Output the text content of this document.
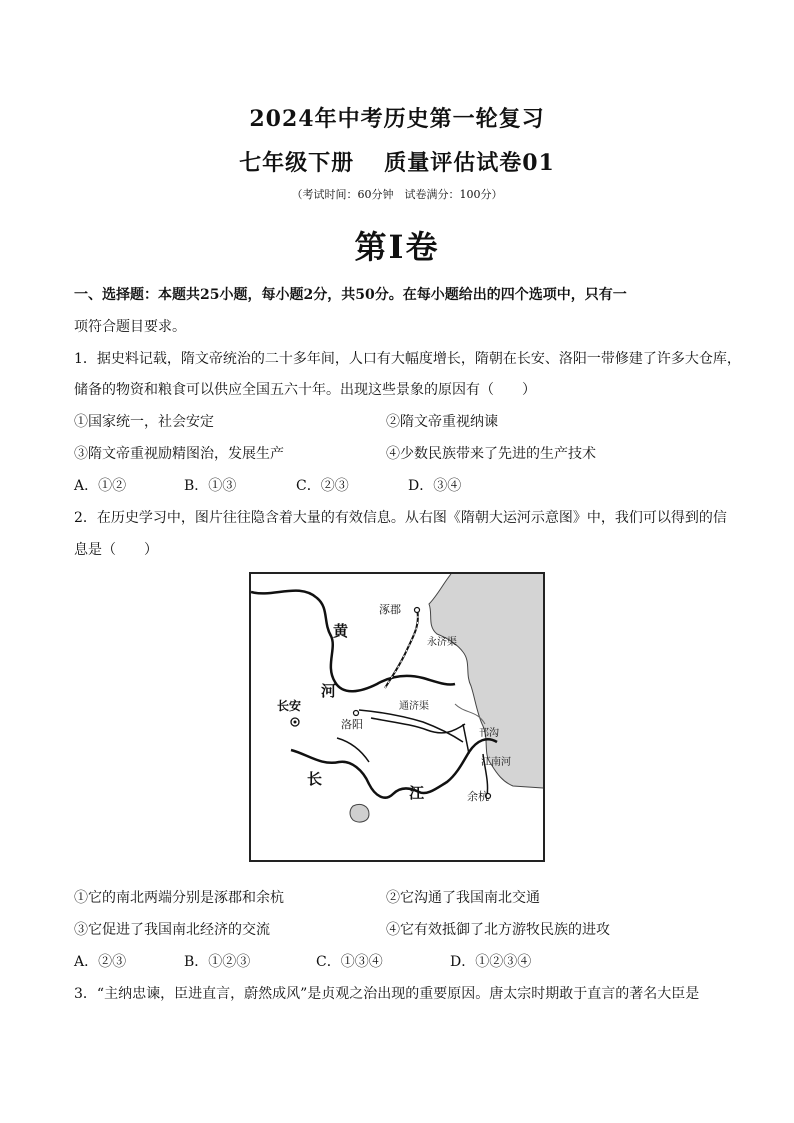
2024年中考历史第一轮复习
七年级下册 质量评估试卷01
（考试时间：60分钟　试卷满分：100分）
第Ⅰ卷
一、选择题：本题共25小题，每小题2分，共50分。在每小题给出的四个选项中，只有一
项符合题目要求。
1．据史料记载，隋文帝统治的二十多年间，人口有大幅度增长，隋朝在长安、洛阳一带修建了许多大仓库，
储备的物资和粮食可以供应全国五六十年。出现这些景象的原因有（　　）
①国家统一，社会安定	②隋文帝重视纳谏
③隋文帝重视励精图治，发展生产	④少数民族带来了先进的生产技术
A．①②	B．①③	C．②③	D．③④
2．在历史学习中，图片往往隐含着大量的有效信息。从右图《隋朝大运河示意图》中，我们可以得到的信
息是（　　）
涿郡
永济渠
黄
河
长安
洛阳
通济渠
邗沟
江南河
长
江	余杭
①它的南北两端分别是涿郡和余杭	②它沟通了我国南北交通
③它促进了我国南北经济的交流	④它有效抵御了北方游牧民族的进攻
A．②③	B．①②③	C．①③④	D．①②③④
3．“主纳忠谏，臣进直言，蔚然成风”是贞观之治出现的重要原因。唐太宗时期敢于直言的著名大臣是
